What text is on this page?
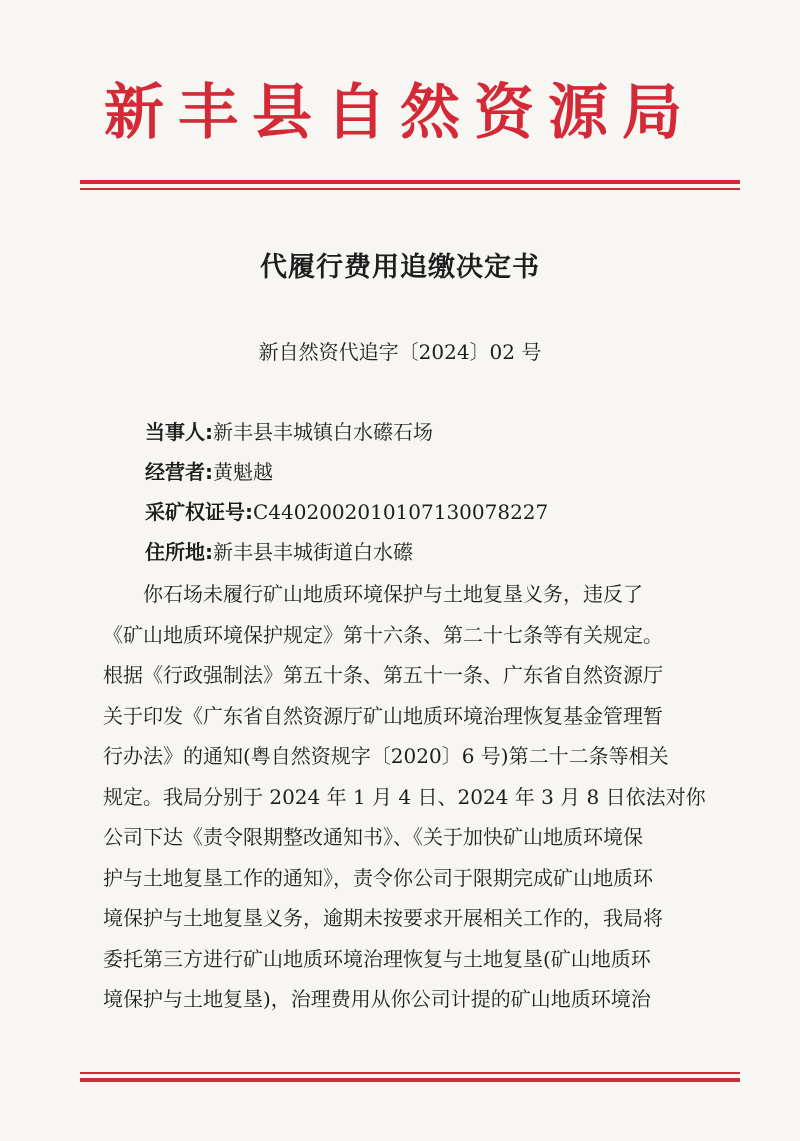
新丰县自然资源局
代履行费用追缴决定书
新自然资代追字〔2024〕02 号
当事人:新丰县丰城镇白水礤石场
经营者:黄魁越
采矿权证号:C4402002010107130078227
住所地:新丰县丰城街道白水礤
你石场未履行矿山地质环境保护与土地复垦义务，违反了
《矿山地质环境保护规定》第十六条、第二十七条等有关规定。
根据《行政强制法》第五十条、第五十一条、广东省自然资源厅
关于印发《广东省自然资源厅矿山地质环境治理恢复基金管理暂
行办法》的通知(粤自然资规字〔2020〕6 号)第二十二条等相关
规定。我局分别于 2024 年 1 月 4 日、2024 年 3 月 8 日依法对你
公司下达《责令限期整改通知书》、《关于加快矿山地质环境保
护与土地复垦工作的通知》，责令你公司于限期完成矿山地质环
境保护与土地复垦义务，逾期未按要求开展相关工作的，我局将
委托第三方进行矿山地质环境治理恢复与土地复垦(矿山地质环
境保护与土地复垦)，治理费用从你公司计提的矿山地质环境治
